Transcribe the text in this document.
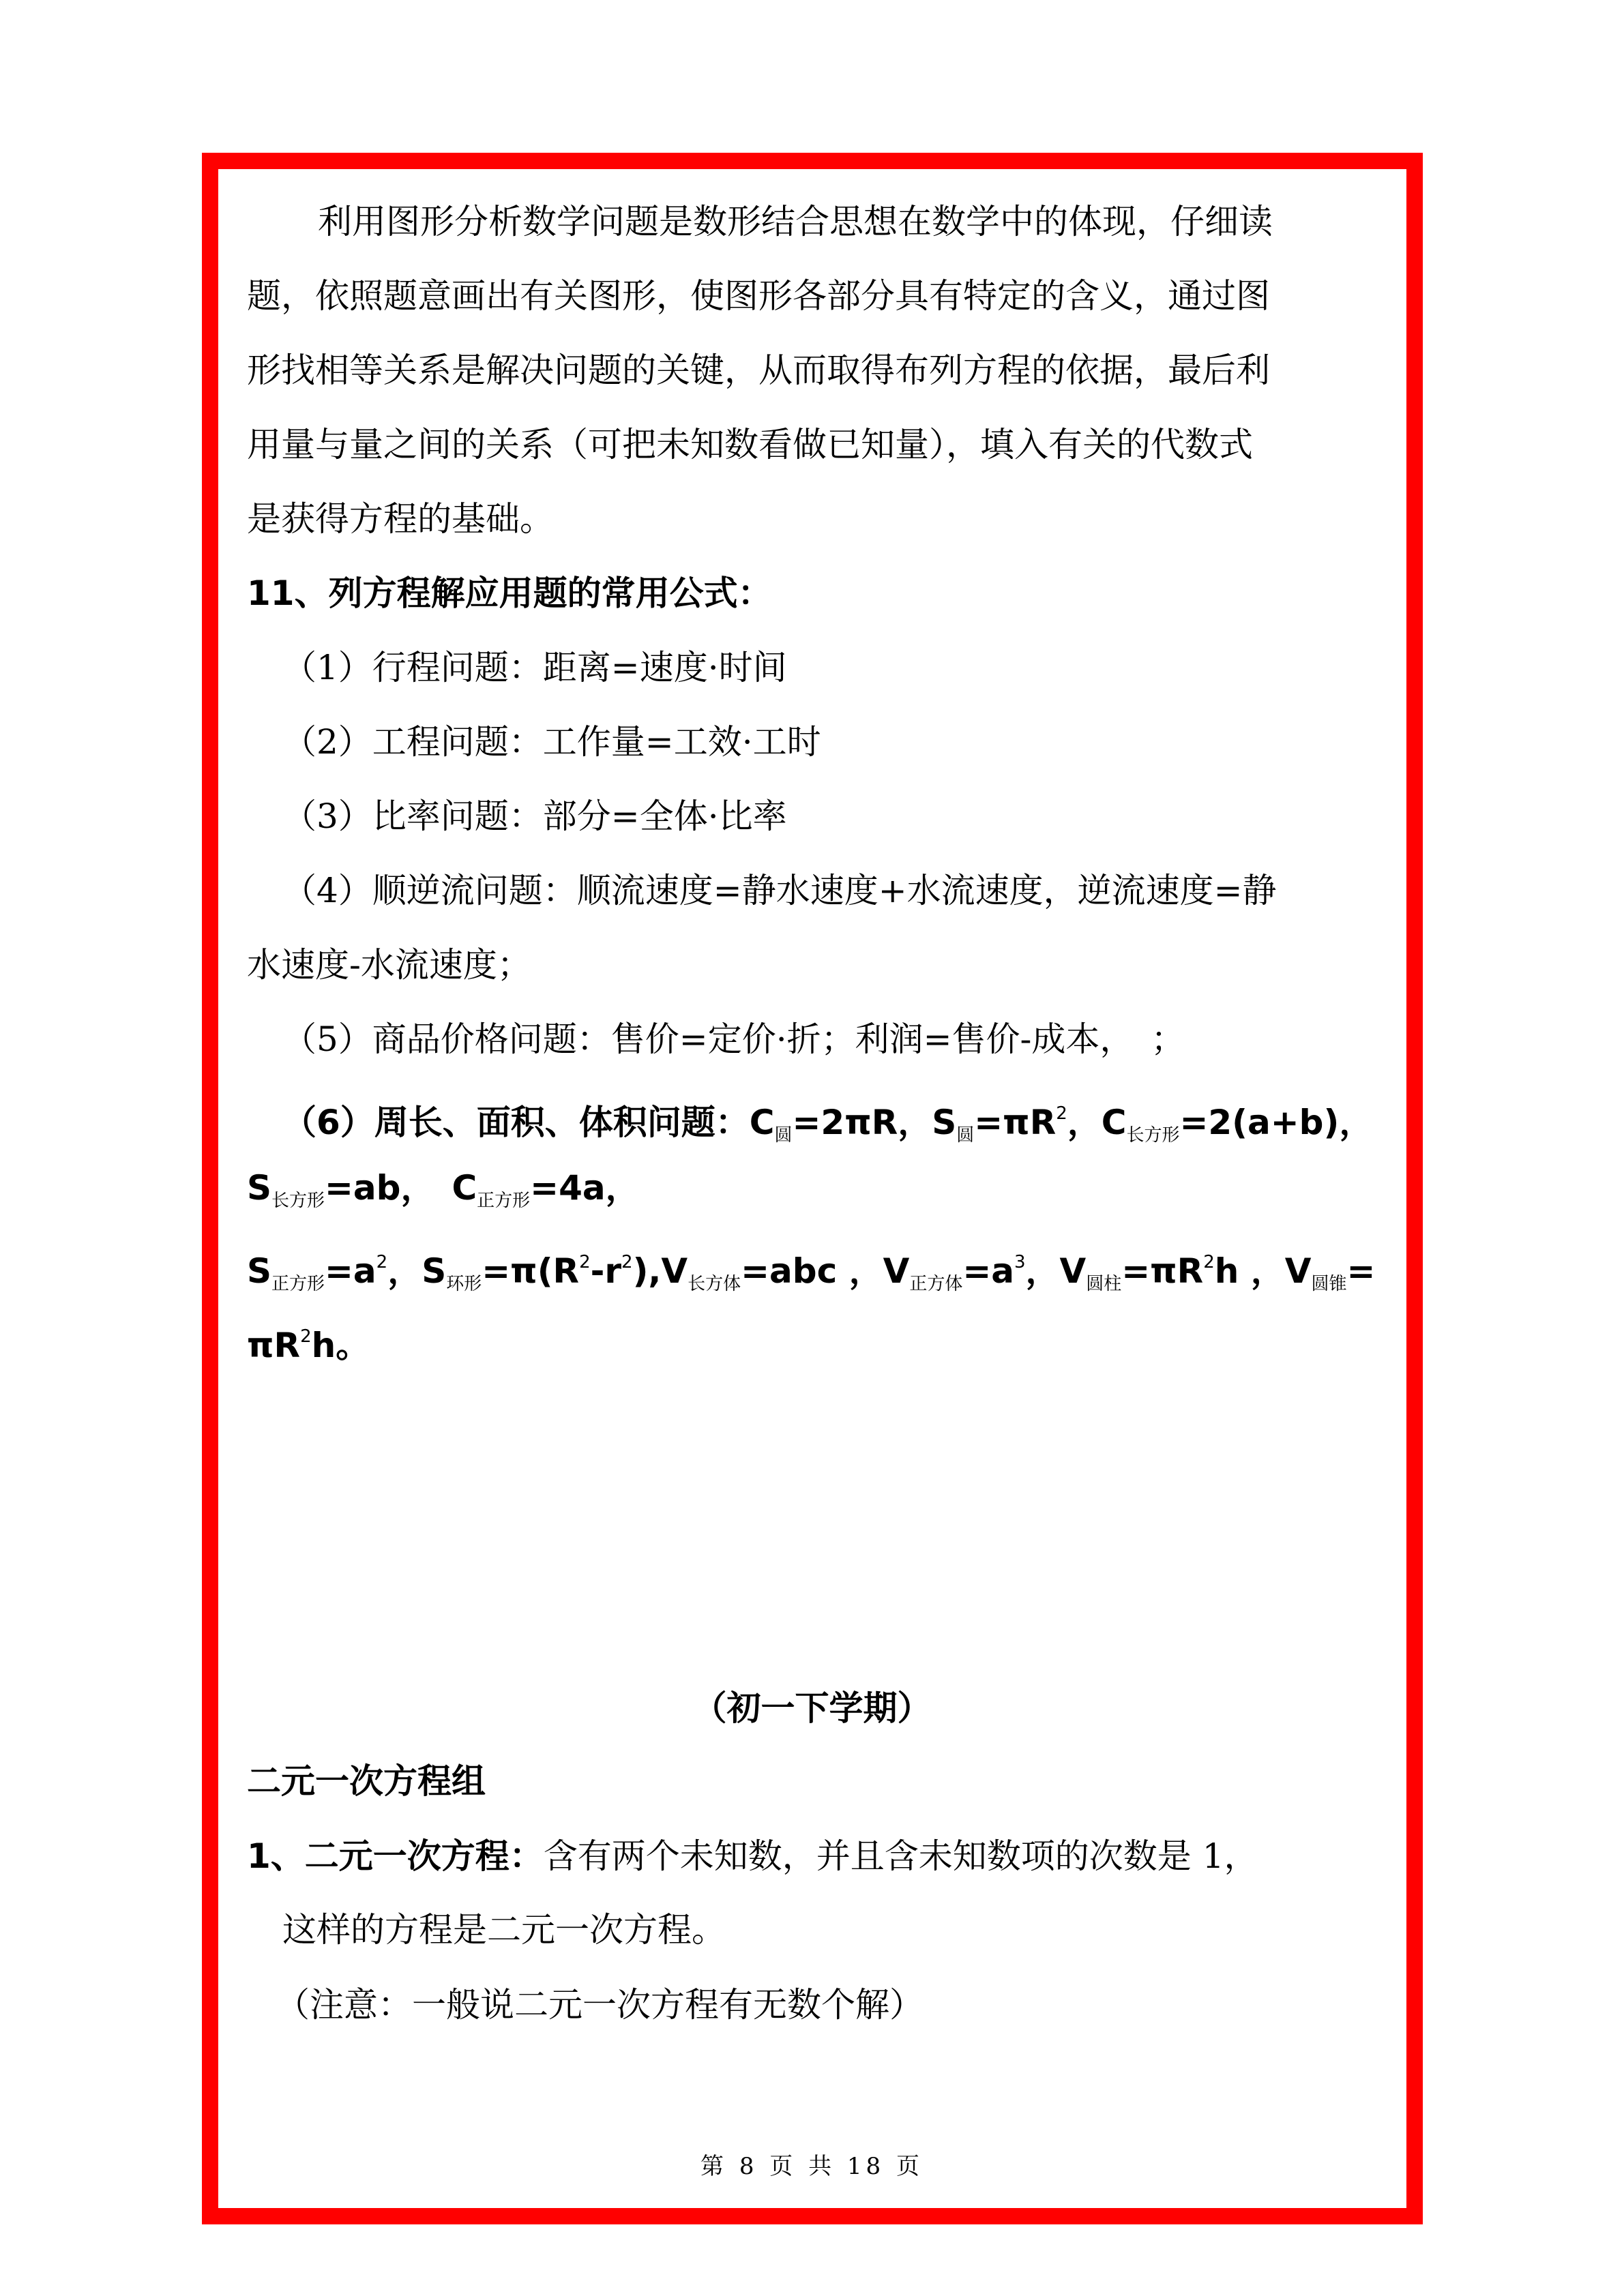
利用图形分析数学问题是数形结合思想在数学中的体现，仔细读
题，依照题意画出有关图形，使图形各部分具有特定的含义，通过图
形找相等关系是解决问题的关键，从而取得布列方程的依据，最后利
用量与量之间的关系（可把未知数看做已知量），填入有关的代数式
是获得方程的基础。
11、列方程解应用题的常用公式：
（1）行程问题：距离=速度·时间
（2）工程问题：工作量=工效·工时
（3）比率问题：部分=全体·比率
（4）顺逆流问题：顺流速度=静水速度+水流速度，逆流速度=静
水速度-水流速度；
（5）商品价格问题：售价=定价·折；利润=售价-成本，　；
（6）周长、面积、体积问题：$C_圆=2\pi R$，$S_圆=\pi R^2$，$C_{长方形}=2(a+b)$，
$S_{长方形}=ab$，　$C_{正方形}=4a$，
$S_{正方形}=a^2$，$S_{环形}=\pi(R^2-r^2),V_{长方体}=abc$ ，$V_{正方体}=a^3$，$V_{圆柱}=\pi R^2h$ ，$V_{圆锥}=$
$\pi R^2h$。
（初一下学期）
二元一次方程组
1、二元一次方程：含有两个未知数，并且含未知数项的次数是 1，
这样的方程是二元一次方程。
（注意：一般说二元一次方程有无数个解）
第 8 页 共 18 页
